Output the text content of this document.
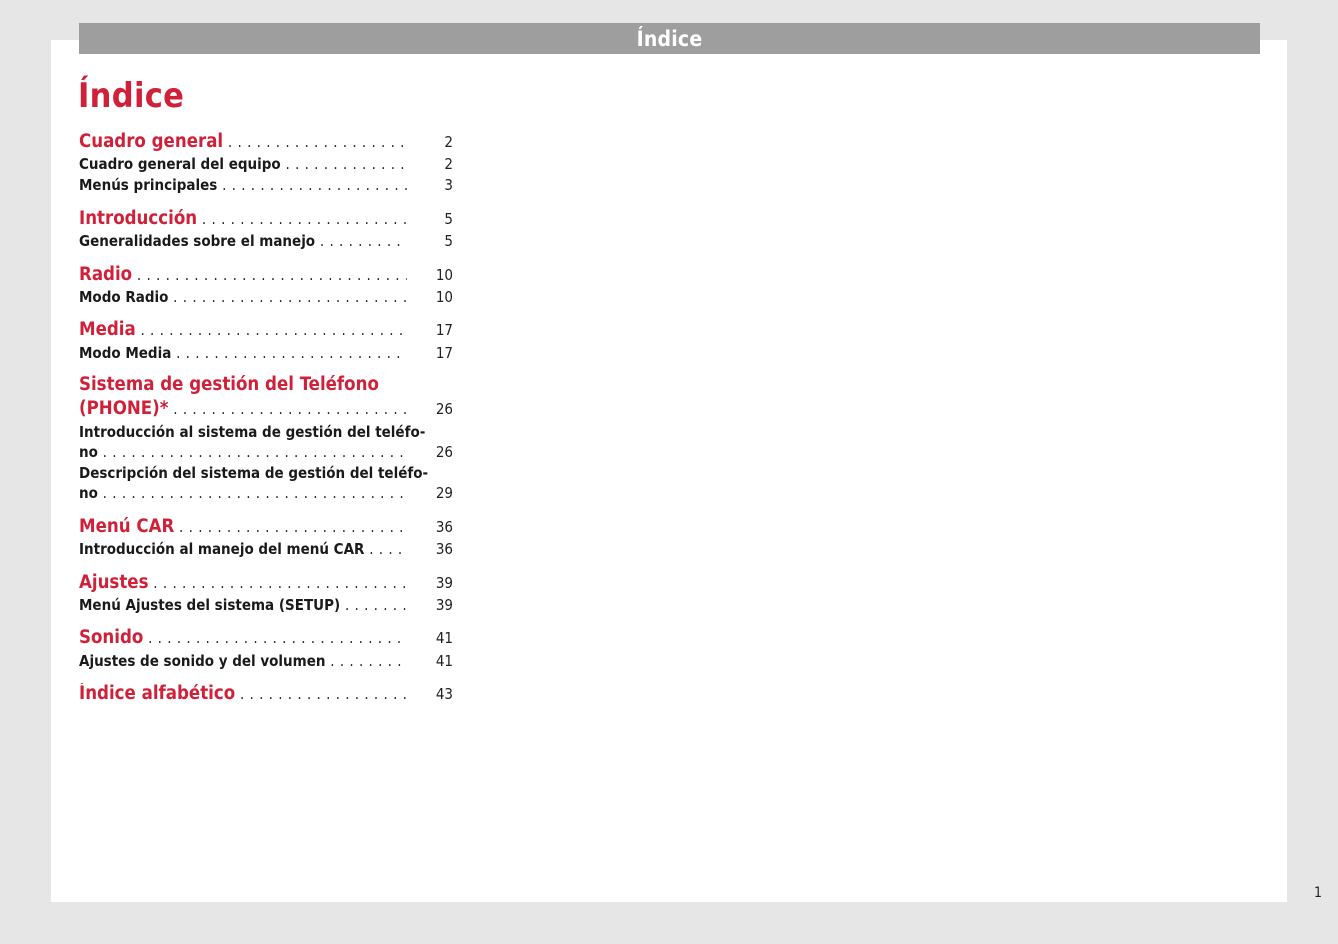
Índice
Índice
Cuadro general . . .	2
Cuadro general del equipo . . .	2
Menús principales . . .	3
Introducción . . .	5
Generalidades sobre el manejo . . .	5
Radio . . .	10
Modo Radio . . .	10
Media . . .	17
Modo Media . . .	17
Sistema de gestión del Teléfono
(PHONE)* . . .	26
Introducción al sistema de gestión del teléfo-
no . . .	26
Descripción del sistema de gestión del teléfo-
no . . .	29
Menú CAR . . .	36
Introducción al manejo del menú CAR . . .	36
Ajustes . . .	39
Menú Ajustes del sistema (SETUP) . . .	39
Sonido . . .	41
Ajustes de sonido y del volumen . . .	41
Índice alfabético . . .	43
1
